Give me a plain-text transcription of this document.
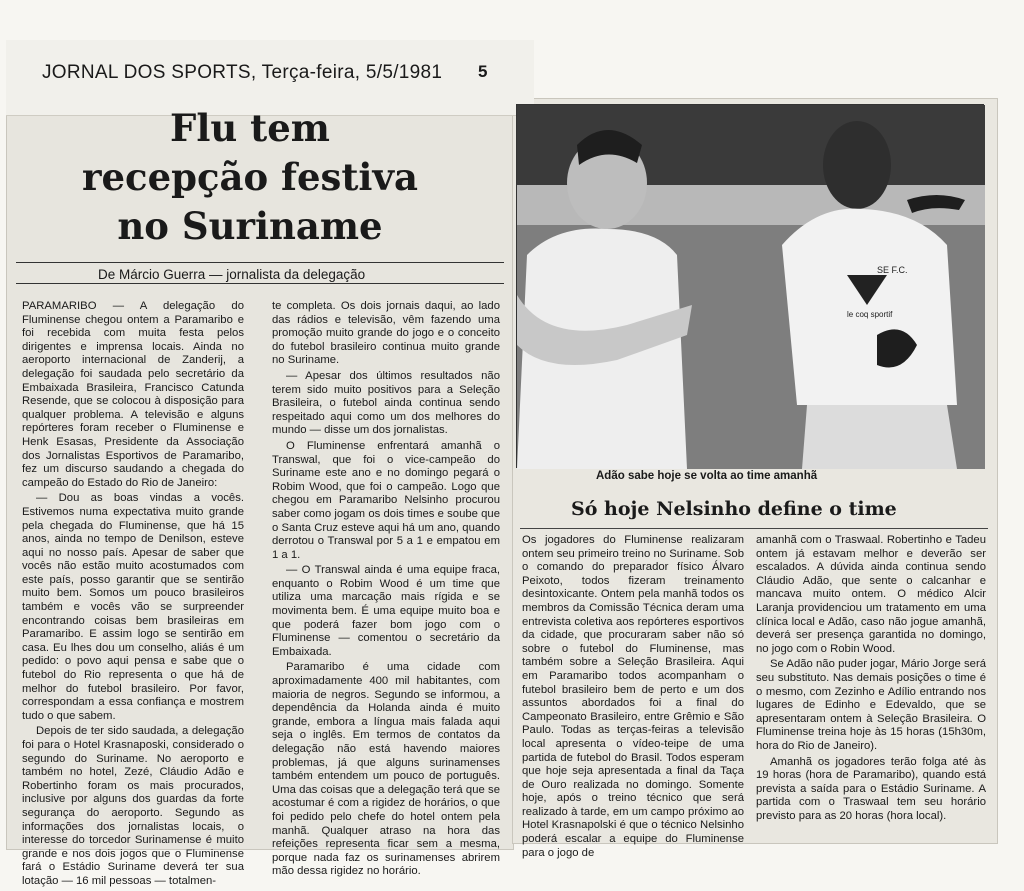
JORNAL DOS SPORTS, Terça-feira, 5/5/1981 5
Flu tem
recepção festiva
no Suriname
De Márcio Guerra — jornalista da delegação

PARAMARIBO — A delegação do Fluminense chegou ontem a Paramaribo e foi recebida com muita festa pelos dirigentes e imprensa locais. Ainda no aeroporto internacional de Zanderij, a delegação foi saudada pelo secretário da Embaixada Brasileira, Francisco Catunda Resende, que se colocou à disposição para qualquer problema. A televisão e alguns repórteres foram receber o Fluminense e Henk Esasas, Presidente da Associação dos Jornalistas Esportivos de Paramaribo, fez um discurso saudando a chegada do campeão do Estado do Rio de Janeiro:

— Dou as boas vindas a vocês. Estivemos numa expectativa muito grande pela chegada do Fluminense, que há 15 anos, ainda no tempo de Denilson, esteve aqui no nosso país. Apesar de saber que vocês não estão muito acostumados com este país, posso garantir que se sentirão muito bem. Somos um pouco brasileiros também e vocês vão se surpreender encontrando coisas bem brasileiras em Paramaribo. E assim logo se sentirão em casa. Eu lhes dou um conselho, aliás é um pedido: o povo aqui pensa e sabe que o futebol do Rio representa o que há de melhor do futebol brasileiro. Por favor, correspondam a essa confiança e mostrem tudo o que sabem.

Depois de ter sido saudada, a delegação foi para o Hotel Krasnaposki, considerado o segundo do Suriname. No aeroporto e também no hotel, Zezé, Cláudio Adão e Robertinho foram os mais procurados, inclusive por alguns dos guardas da forte segurança do aeroporto. Segundo as informações dos jornalistas locais, o interesse do torcedor Surinamense é muito grande e nos dois jogos que o Fluminense fará o Estádio Suriname deverá ter sua lotação — 16 mil pessoas — totalmen-

te completa. Os dois jornais daqui, ao lado das rádios e televisão, vêm fazendo uma promoção muito grande do jogo e o conceito do futebol brasileiro continua muito grande no Suriname.

— Apesar dos últimos resultados não terem sido muito positivos para a Seleção Brasileira, o futebol ainda continua sendo respeitado aqui como um dos melhores do mundo — disse um dos jornalistas.

O Fluminense enfrentará amanhã o Transwal, que foi o vice-campeão do Suriname este ano e no domingo pegará o Robim Wood, que foi o campeão. Logo que chegou em Paramaribo Nelsinho procurou saber como jogam os dois times e soube que o Santa Cruz esteve aqui há um ano, quando derrotou o Transwal por 5 a 1 e empatou em 1 a 1.

— O Transwal ainda é uma equipe fraca, enquanto o Robim Wood é um time que utiliza uma marcação mais rígida e se movimenta bem. É uma equipe muito boa e que poderá fazer bom jogo com o Fluminense — comentou o secretário da Embaixada.

Paramaribo é uma cidade com aproximadamente 400 mil habitantes, com maioria de negros. Segundo se informou, a dependência da Holanda ainda é muito grande, embora a língua mais falada aqui seja o inglês. Em termos de contatos da delegação não está havendo maiores problemas, já que alguns surinamenses também entendem um pouco de português. Uma das coisas que a delegação terá que se acostumar é com a rigidez de horários, o que foi pedido pelo chefe do hotel ontem pela manhã. Qualquer atraso na hora das refeições representa ficar sem a mesma, porque nada faz os surinamenses abrirem mão dessa rigidez no horário.

SE F.C.
le coq sportif
Adão sabe hoje se volta ao time amanhã
Só hoje Nelsinho define o time

Os jogadores do Fluminense realizaram ontem seu primeiro treino no Suriname. Sob o comando do preparador físico Álvaro Peixoto, todos fizeram treinamento desintoxicante. Ontem pela manhã todos os membros da Comissão Técnica deram uma entrevista coletiva aos repórteres esportivos da cidade, que procuraram saber não só sobre o futebol do Fluminense, mas também sobre a Seleção Brasileira. Aqui em Paramaribo todos acompanham o futebol brasileiro bem de perto e um dos assuntos abordados foi a final do Campeonato Brasileiro, entre Grêmio e São Paulo. Todas as terças-feiras a televisão local apresenta o vídeo-teipe de uma partida de futebol do Brasil. Todos esperam que hoje seja apresentada a final da Taça de Ouro realizada no domingo. Somente hoje, após o treino técnico que será realizado à tarde, em um campo próximo ao Hotel Krasnapolski é que o técnico Nelsinho poderá escalar a equipe do Fluminense para o jogo de

amanhã com o Traswaal. Robertinho e Tadeu ontem já estavam melhor e deverão ser escalados. A dúvida ainda continua sendo Cláudio Adão, que sente o calcanhar e mancava muito ontem. O médico Alcir Laranja providenciou um tratamento em uma clínica local e Adão, caso não jogue amanhã, deverá ser presença garantida no domingo, no jogo com o Robin Wood.

Se Adão não puder jogar, Mário Jorge será seu substituto. Nas demais posições o time é o mesmo, com Zezinho e Adílio entrando nos lugares de Edinho e Edevaldo, que se apresentaram ontem à Seleção Brasileira. O Fluminense treina hoje às 15 horas (15h30m, hora do Rio de Janeiro).

Amanhã os jogadores terão folga até às 19 horas (hora de Paramaribo), quando está prevista a saída para o Estádio Suriname. A partida com o Traswaal tem seu horário previsto para as 20 horas (hora local).
